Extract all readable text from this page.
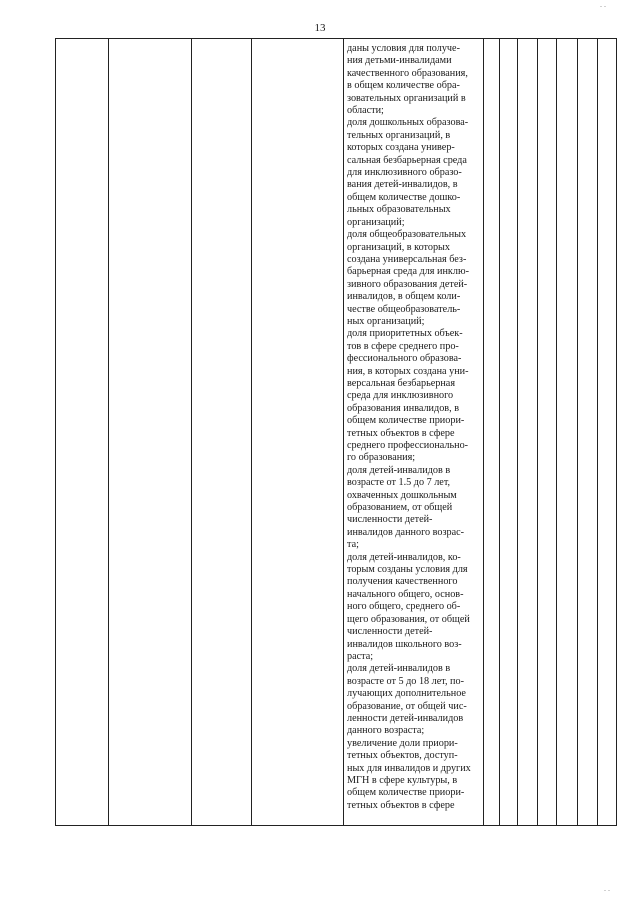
13
даны условия для получе-
ния детьми-инвалидами
качественного образования,
в общем количестве обра-
зовательных организаций в
области;
доля дошкольных образова-
тельных организаций, в
которых создана универ-
сальная безбарьерная среда
для инклюзивного образо-
вания детей-инвалидов, в
общем количестве дошко-
льных образовательных
организаций;
доля общеобразовательных
организаций, в которых
создана универсальная без-
барьерная среда для инклю-
зивного образования детей-
инвалидов, в общем коли-
честве общеобразователь-
ных организаций;
доля приоритетных объек-
тов в сфере среднего про-
фессионального образова-
ния, в которых создана уни-
версальная безбарьерная
среда для инклюзивного
образования инвалидов, в
общем количестве приори-
тетных объектов в сфере
среднего профессионально-
го образования;
доля детей-инвалидов в
возрасте от 1.5 до 7 лет,
охваченных дошкольным
образованием, от общей
численности детей-
инвалидов данного возрас-
та;
доля детей-инвалидов, ко-
торым созданы условия для
получения качественного
начального общего, основ-
ного общего, среднего об-
щего образования, от общей
численности детей-
инвалидов школьного воз-
раста;
доля детей-инвалидов в
возрасте от 5 до 18 лет, по-
лучающих дополнительное
образование, от общей чис-
ленности детей-инвалидов
данного возраста;
увеличение доли приори-
тетных объектов, доступ-
ных для инвалидов и других
МГН в сфере культуры, в
общем количестве приори-
тетных объектов в сфере
. .
. .
